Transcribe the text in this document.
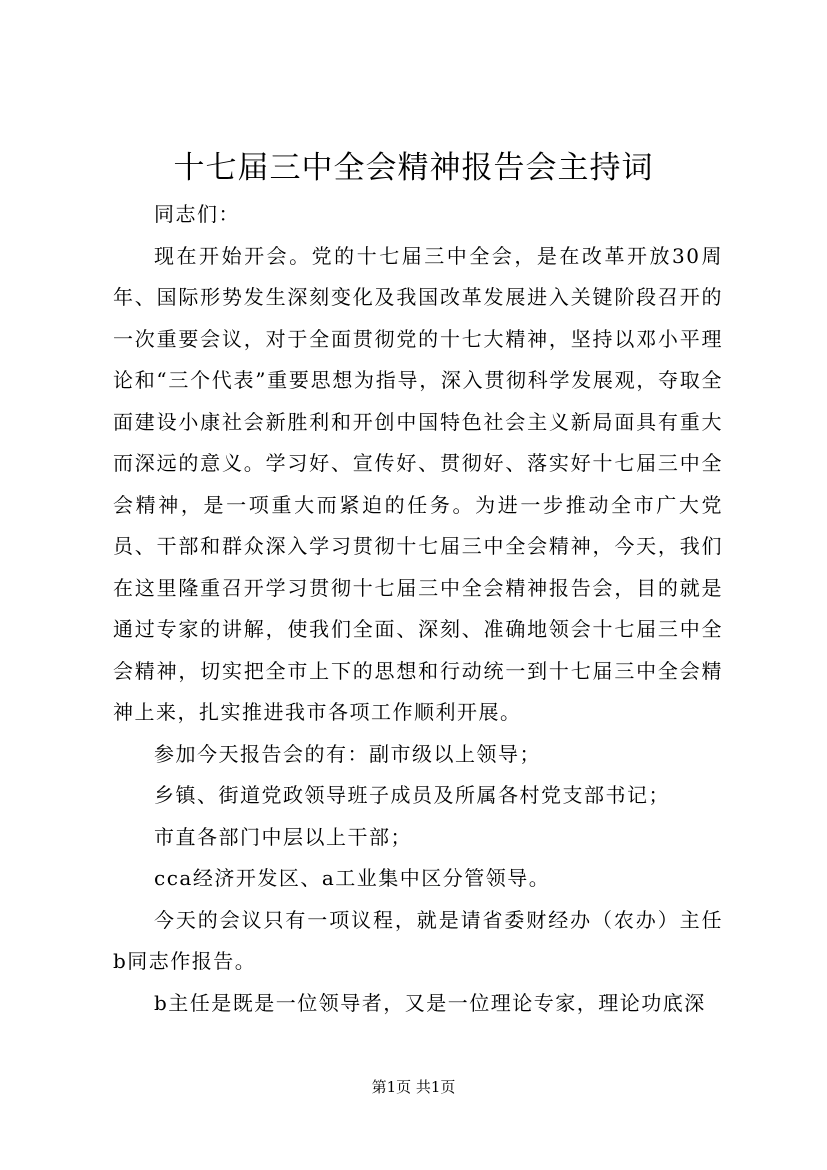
十七届三中全会精神报告会主持词

同志们：

现在开始开会。党的十七届三中全会，是在改革开放30周年、国际形势发生深刻变化及我国改革发展进入关键阶段召开的一次重要会议，对于全面贯彻党的十七大精神，坚持以邓小平理论和“三个代表”重要思想为指导，深入贯彻科学发展观，夺取全面建设小康社会新胜利和开创中国特色社会主义新局面具有重大而深远的意义。学习好、宣传好、贯彻好、落实好十七届三中全会精神，是一项重大而紧迫的任务。为进一步推动全市广大党员、干部和群众深入学习贯彻十七届三中全会精神，今天，我们在这里隆重召开学习贯彻十七届三中全会精神报告会，目的就是通过专家的讲解，使我们全面、深刻、准确地领会十七届三中全会精神，切实把全市上下的思想和行动统一到十七届三中全会精神上来，扎实推进我市各项工作顺利开展。

参加今天报告会的有：副市级以上领导；

乡镇、街道党政领导班子成员及所属各村党支部书记；

市直各部门中层以上干部；

cca经济开发区、a工业集中区分管领导。

今天的会议只有一项议程，就是请省委财经办（农办）主任b同志作报告。

b主任是既是一位领导者，又是一位理论专家，理论功底深

第1页 共1页
